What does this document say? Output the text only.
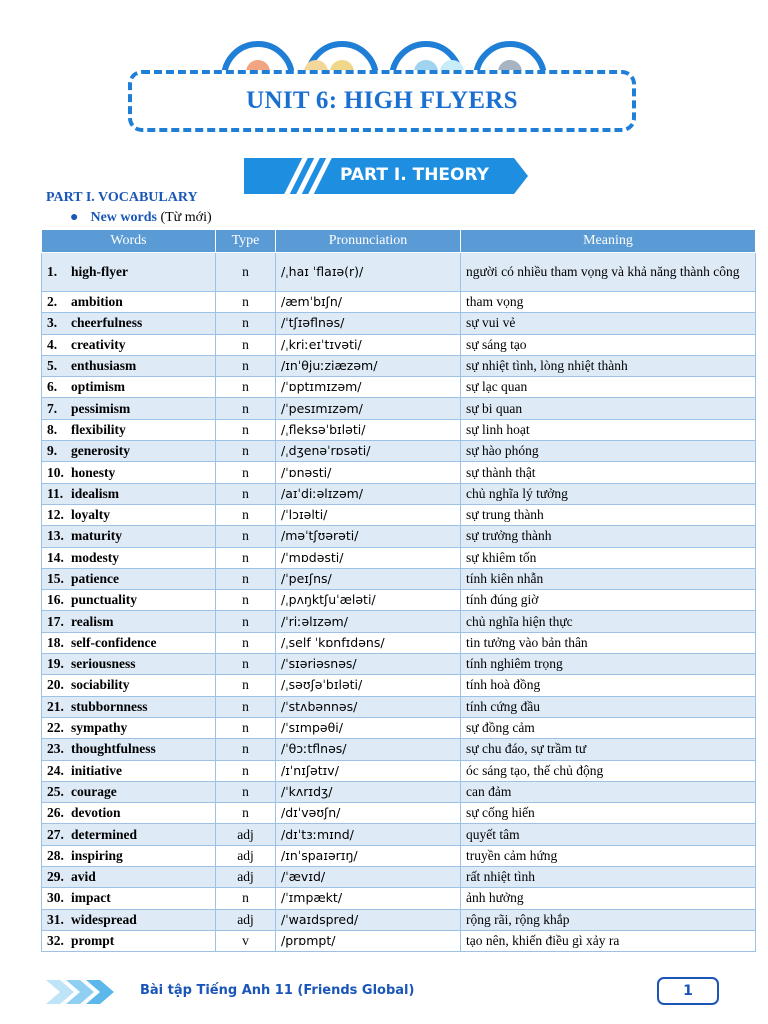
UNIT 6: HIGH FLYERS
PART I. THEORY
PART I. VOCABULARY
● New words (Từ mới)
Words	Type	Pronunciation	Meaning
1. high-flyer	n	/ˌhaɪ ˈflaɪə(r)/	người có nhiều tham vọng và khả năng thành công
2. ambition	n	/æmˈbɪʃn/	tham vọng
3. cheerfulness	n	/ˈtʃɪəflnəs/	sự vui vẻ
4. creativity	n	/ˌkriːeɪˈtɪvəti/	sự sáng tạo
5. enthusiasm	n	/ɪnˈθjuːziæzəm/	sự nhiệt tình, lòng nhiệt thành
6. optimism	n	/ˈɒptɪmɪzəm/	sự lạc quan
7. pessimism	n	/ˈpesɪmɪzəm/	sự bi quan
8. flexibility	n	/ˌfleksəˈbɪləti/	sự linh hoạt
9. generosity	n	/ˌdʒenəˈrɒsəti/	sự hào phóng
10. honesty	n	/ˈɒnəsti/	sự thành thật
11. idealism	n	/aɪˈdiːəlɪzəm/	chủ nghĩa lý tưởng
12. loyalty	n	/ˈlɔɪəlti/	sự trung thành
13. maturity	n	/məˈtʃʊərəti/	sự trưởng thành
14. modesty	n	/ˈmɒdəsti/	sự khiêm tốn
15. patience	n	/ˈpeɪʃns/	tính kiên nhẫn
16. punctuality	n	/ˌpʌŋktʃuˈæləti/	tính đúng giờ
17. realism	n	/ˈriːəlɪzəm/	chủ nghĩa hiện thực
18. self-confidence	n	/ˌself ˈkɒnfɪdəns/	tin tưởng vào bản thân
19. seriousness	n	/ˈsɪəriəsnəs/	tính nghiêm trọng
20. sociability	n	/ˌsəʊʃəˈbɪləti/	tính hoà đồng
21. stubbornness	n	/ˈstʌbənnəs/	tính cứng đầu
22. sympathy	n	/ˈsɪmpəθi/	sự đồng cảm
23. thoughtfulness	n	/ˈθɔːtflnəs/	sự chu đáo, sự trầm tư
24. initiative	n	/ɪˈnɪʃətɪv/	óc sáng tạo, thế chủ động
25. courage	n	/ˈkʌrɪdʒ/	can đảm
26. devotion	n	/dɪˈvəʊʃn/	sự cống hiến
27. determined	adj	/dɪˈtɜːmɪnd/	quyết tâm
28. inspiring	adj	/ɪnˈspaɪərɪŋ/	truyền cảm hứng
29. avid	adj	/ˈævɪd/	rất nhiệt tình
30. impact	n	/ˈɪmpækt/	ảnh hưởng
31. widespread	adj	/ˈwaɪdspred/	rộng rãi, rộng khắp
32. prompt	v	/prɒmpt/	tạo nên, khiến điều gì xảy ra
Bài tập Tiếng Anh 11 (Friends Global)	1
